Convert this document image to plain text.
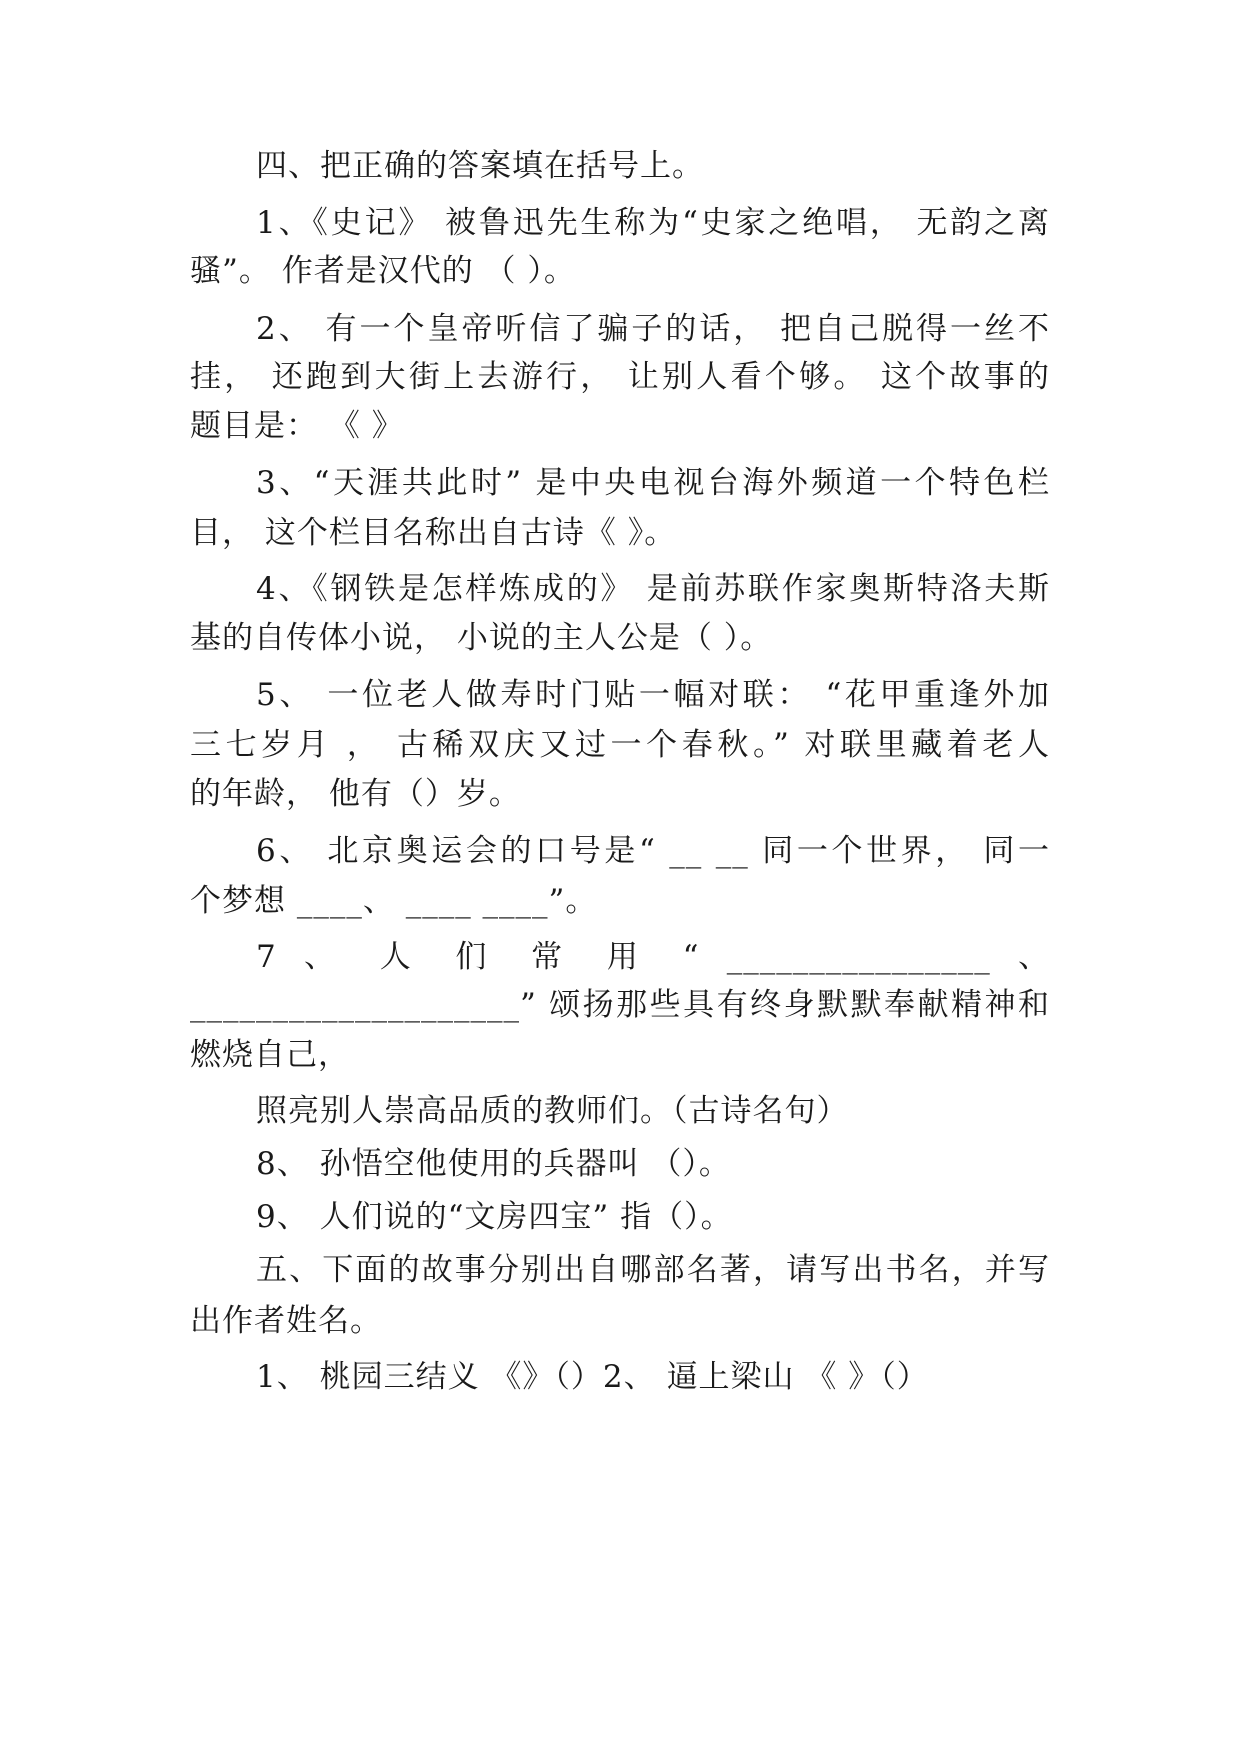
四、把正确的答案填在括号上。
1、《史记》 被鲁迅先生称为“史家之绝唱， 无韵之离
骚”。 作者是汉代的 （ ）。
2、 有一个皇帝听信了骗子的话， 把自己脱得一丝不
挂， 还跑到大街上去游行， 让别人看个够。 这个故事的
题目是： 《 》
3、“天涯共此时” 是中央电视台海外频道一个特色栏
目， 这个栏目名称出自古诗《 》。
4、《钢铁是怎样炼成的》 是前苏联作家奥斯特洛夫斯
基的自传体小说， 小说的主人公是（ ）。
5、 一位老人做寿时门贴一幅对联： “花甲重逢外加
三七岁月 ， 古稀双庆又过一个春秋。” 对联里藏着老人
的年龄， 他有（）岁。
6、 北京奥运会的口号是“ __ __ 同一个世界， 同一
个梦想 ____、 ____ ____”。
7 、 人 们 常 用 “ ________________ 、
____________________” 颂扬那些具有终身默默奉献精神和
燃烧自己，
照亮别人崇高品质的教师们。（古诗名句）
8、 孙悟空他使用的兵器叫 （）。
9、 人们说的“文房四宝” 指（）。
五、下面的故事分别出自哪部名著，请写出书名，并写
出作者姓名。
1、 桃园三结义 《》（）2、 逼上梁山 《 》（）
